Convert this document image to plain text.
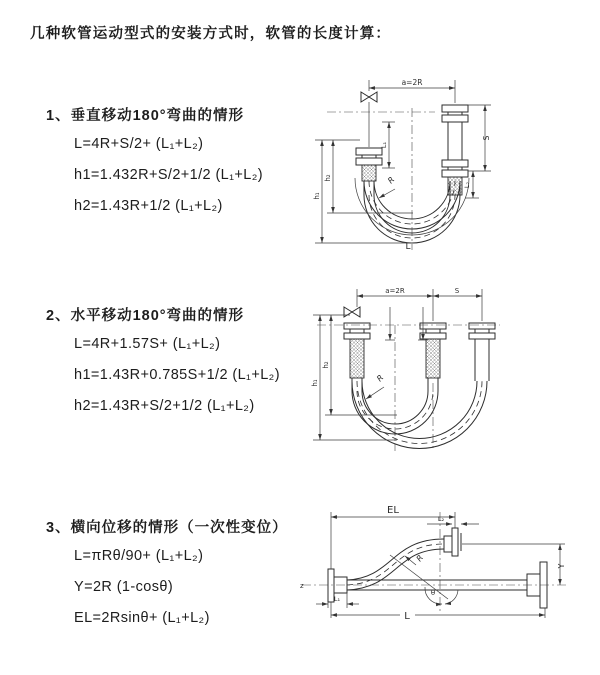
几种软管运动型式的安装方式时，软管的长度计算：
1、垂直移动180°弯曲的情形
L=4R+S/2+ (L₁+L₂)
h1=1.432R+S/2+1/2 (L₁+L₂)
h2=1.43R+1/2 (L₁+L₂)
2、水平移动180°弯曲的情形
L=4R+1.57S+ (L₁+L₂)
h1=1.43R+0.785S+1/2 (L₁+L₂)
h2=1.43R+S/2+1/2 (L₁+L₂)
3、横向位移的情形（一次性变位）
L=πRθ/90+ (L₁+L₂)
Y=2R (1-cosθ)
EL=2Rsinθ+ (L₁+L₂)
a=2R
R
h₂
h₁
L₁
S
L₂
L
a=2R	S
R
h₂
h₁
z
EL
L₂
Y
L
L₁
θ
R
